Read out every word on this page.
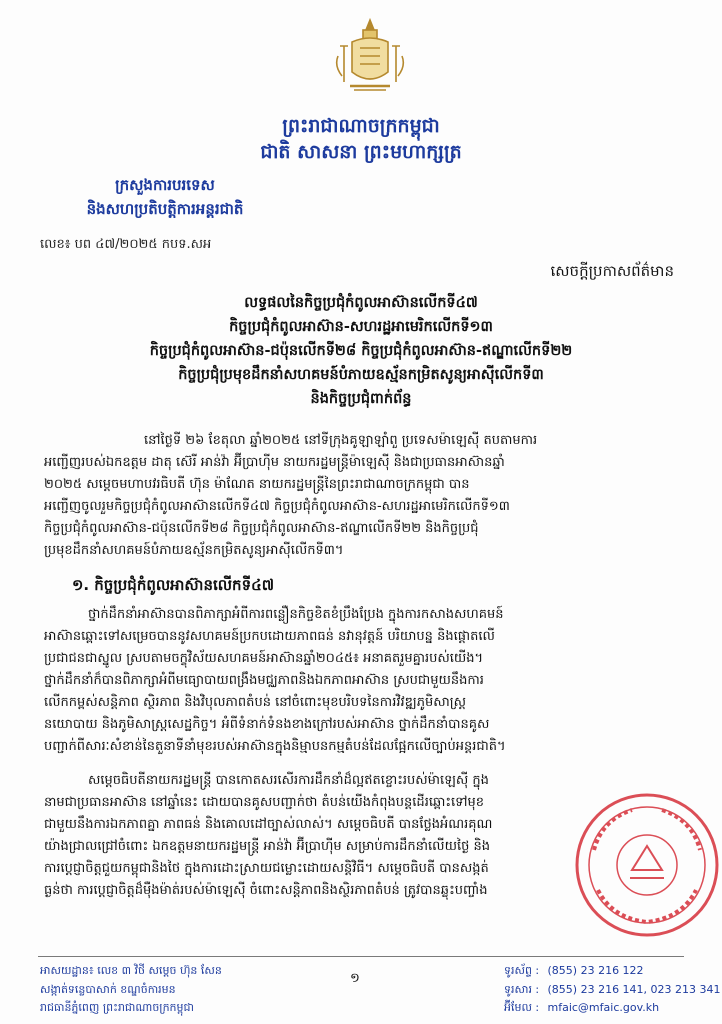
ព្រះរាជាណាចក្រកម្ពុជា
ជាតិ សាសនា ព្រះមហាក្សត្រ
ក្រសួងការបរទេស
និងសហប្រតិបត្តិការអន្តរជាតិ
លេខ៖ បព ៤៧/២០២៥ កបទ.សអ
សេចក្តីប្រកាសព័ត៌មាន
លទ្ធផលនៃកិច្ចប្រជុំកំពូលអាស៊ានលើកទី៤៧
កិច្ចប្រជុំកំពូលអាស៊ាន-សហរដ្ឋអាមេរិកលើកទី១៣
កិច្ចប្រជុំកំពូលអាស៊ាន-ជប៉ុនលើកទី២៨ កិច្ចប្រជុំកំពូលអាស៊ាន-ឥណ្ឌាលើកទី២២
កិច្ចប្រជុំប្រមុខដឹកនាំសហគមន៍បំភាយឧស្ម័នកម្រិតសូន្យអាស៊ីលើកទី៣
និងកិច្ចប្រជុំពាក់ព័ន្ធ
នៅថ្ងៃទី ២៦ ខែតុលា ឆ្នាំ២០២៥ នៅទីក្រុងគូឡាឡាំពួ ប្រទេសម៉ាឡេស៊ី តបតាមការ
អញ្ជើញរបស់ឯកឧត្តម ដាតុ ស៊េរី អាន់វ៉ា អ៊ីប្រាហ៊ីម នាយករដ្ឋមន្ត្រីម៉ាឡេស៊ី និងជាប្រធានអាស៊ានឆ្នាំ
២០២៥ សម្តេចមហាបវរធិបតី ហ៊ុន ម៉ាណែត នាយករដ្ឋមន្ត្រីនៃព្រះរាជាណាចក្រកម្ពុជា បាន
អញ្ជើញចូលរួមកិច្ចប្រជុំកំពូលអាស៊ានលើកទី៤៧ កិច្ចប្រជុំកំពូលអាស៊ាន-សហរដ្ឋអាមេរិកលើកទី១៣
កិច្ចប្រជុំកំពូលអាស៊ាន-ជប៉ុនលើកទី២៨ កិច្ចប្រជុំកំពូលអាស៊ាន-ឥណ្ឌាលើកទី២២ និងកិច្ចប្រជុំ
ប្រមុខដឹកនាំសហគមន៍បំភាយឧស្ម័នកម្រិតសូន្យអាស៊ីលើកទី៣។
១. កិច្ចប្រជុំកំពូលអាស៊ានលើកទី៤៧
ថ្នាក់ដឹកនាំអាស៊ានបានពិភាក្សាអំពីការពន្លឿនកិច្ចខិតខំប្រឹងប្រែង ក្នុងការកសាងសហគមន៍
អាស៊ានឆ្ពោះទៅសម្រេចបាននូវសហគមន៍ប្រកបដោយភាពធន់ នវានុវត្តន៍ បរិយាបន្ន និងផ្តោតលើ
ប្រជាជនជាស្នូល ស្របតាមចក្ខុវិស័យសហគមន៍អាស៊ានឆ្នាំ២០៤៥៖ អនាគតរួមគ្នារបស់យើង។
ថ្នាក់ដឹកនាំក៏បានពិភាក្សាអំពីមធ្យោបាយពង្រឹងមជ្ឈភាពនិងឯកភាពអាស៊ាន ស្របជាមួយនឹងការ
លើកកម្ពស់សន្តិភាព ស្ថិរភាព និងវិបុលភាពតំបន់ នៅចំពោះមុខបរិបទនៃការវិវឌ្ឍភូមិសាស្ត្រ
នយោបាយ និងភូមិសាស្ត្រសេដ្ឋកិច្ច។ អំពីទំនាក់ទំនងខាងក្រៅរបស់អាស៊ាន ថ្នាក់ដឹកនាំបានគូស
បញ្ជាក់ពីសារៈសំខាន់នៃតួនាទីនាំមុខរបស់អាស៊ានក្នុងនិម្មាបនកម្មតំបន់ដែលផ្អែកលើច្បាប់អន្តរជាតិ។
សម្តេចធិបតីនាយករដ្ឋមន្ត្រី បានកោតសរសើរការដឹកនាំដ៏ល្អឥតខ្ចោះរបស់ម៉ាឡេស៊ី ក្នុង
នាមជាប្រធានអាស៊ាន នៅឆ្នាំនេះ ដោយបានគូសបញ្ជាក់ថា តំបន់យើងកំពុងបន្តដើរឆ្ពោះទៅមុខ
ជាមួយនឹងការឯកភាពគ្នា ភាពធន់ និងគោលដៅច្បាស់លាស់។ សម្តេចធិបតី បានថ្លែងអំណរគុណ
យ៉ាងជ្រាលជ្រៅចំពោះ ឯកឧត្តមនាយករដ្ឋមន្ត្រី អាន់វ៉ា អ៊ីប្រាហ៊ីម សម្រាប់ការដឹកនាំលើយថ្ងៃ និង
ការប្តេជ្ញាចិត្តជួយកម្ពុជានិងថៃ ក្នុងការដោះស្រាយជម្លោះដោយសន្តិវិធី។ សម្តេចធិបតី បានសង្កត់
ធ្ងន់ថា ការប្តេជ្ញាចិត្តដ៏មុឺងម៉ាត់របស់ម៉ាឡេស៊ី ចំពោះសន្តិភាពនិងស្ថិរភាពតំបន់ ត្រូវបានឆ្លុះបញ្ចាំង
អាសយដ្ឋាន៖ លេខ ៣ វិថី សម្តេច ហ៊ុន សែន
សង្កាត់ទន្លេបាសាក់ ខណ្ឌចំការមន
រាជធានីភ្នំពេញ ព្រះរាជាណាចក្រកម្ពុជា
១
ទូរស័ព្ទ : (855) 23 216 122
ទូរសារ : (855) 23 216 141, 023 213 341
អ៊ីមែល : mfaic@mfaic.gov.kh
